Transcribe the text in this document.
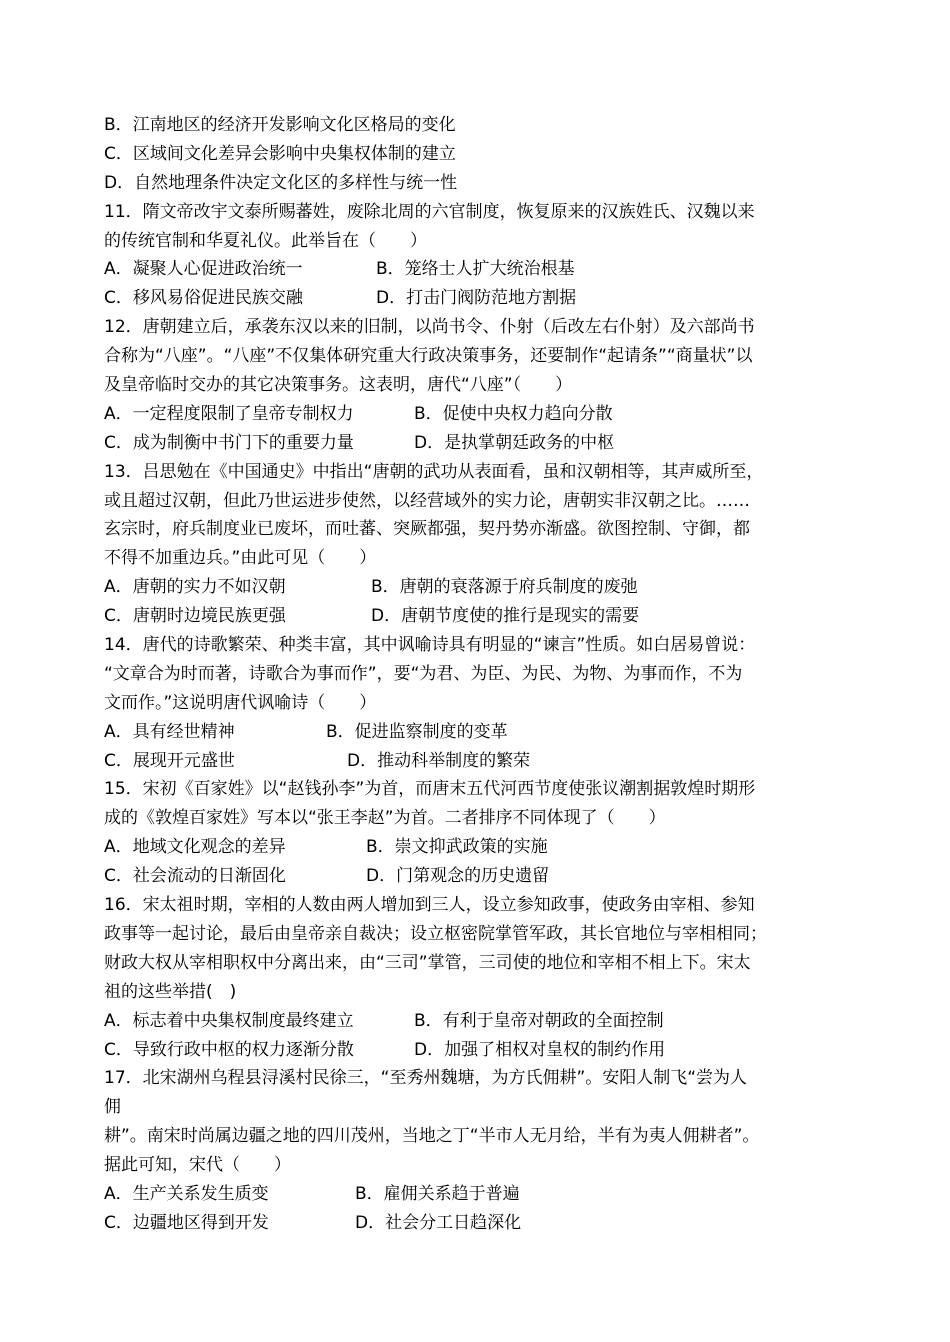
B．江南地区的经济开发影响文化区格局的变化
C．区域间文化差异会影响中央集权体制的建立
D．自然地理条件决定文化区的多样性与统一性
11．隋文帝改宇文泰所赐蕃姓，废除北周的六官制度，恢复原来的汉族姓氏、汉魏以来
的传统官制和华夏礼仪。此举旨在（　　）
A．凝聚人心促进政治统一	B．笼络士人扩大统治根基
C．移风易俗促进民族交融	D．打击门阀防范地方割据
12．唐朝建立后，承袭东汉以来的旧制，以尚书令、仆射（后改左右仆射）及六部尚书
合称为“八座”。“八座”不仅集体研究重大行政决策事务，还要制作“起请条”“商量状”以
及皇帝临时交办的其它决策事务。这表明，唐代“八座”（　　）
A．一定程度限制了皇帝专制权力	B．促使中央权力趋向分散
C．成为制衡中书门下的重要力量	D．是执掌朝廷政务的中枢
13．吕思勉在《中国通史》中指出“唐朝的武功从表面看，虽和汉朝相等，其声威所至，
或且超过汉朝，但此乃世运进步使然，以经营域外的实力论，唐朝实非汉朝之比。……
玄宗时，府兵制度业已废坏，而吐蕃、突厥都强，契丹势亦渐盛。欲图控制、守御，都
不得不加重边兵。”由此可见（　　）
A．唐朝的实力不如汉朝	B．唐朝的衰落源于府兵制度的废弛
C．唐朝时边境民族更强	D．唐朝节度使的推行是现实的需要
14．唐代的诗歌繁荣、种类丰富，其中讽喻诗具有明显的“谏言”性质。如白居易曾说：
“文章合为时而著，诗歌合为事而作”，要“为君、为臣、为民、为物、为事而作，不为
文而作。”这说明唐代讽喻诗（　　）
A．具有经世精神	B．促进监察制度的变革
C．展现开元盛世	D．推动科举制度的繁荣
15．宋初《百家姓》以“赵钱孙李”为首，而唐末五代河西节度使张议潮割据敦煌时期形
成的《敦煌百家姓》写本以“张王李赵”为首。二者排序不同体现了（　　）
A．地域文化观念的差异	B．崇文抑武政策的实施
C．社会流动的日渐固化	D．门第观念的历史遗留
16．宋太祖时期，宰相的人数由两人增加到三人，设立参知政事，使政务由宰相、参知
政事等一起讨论，最后由皇帝亲自裁决；设立枢密院掌管军政，其长官地位与宰相相同；
财政大权从宰相职权中分离出来，由“三司”掌管，三司使的地位和宰相不相上下。宋太
祖的这些举措(　)
A．标志着中央集权制度最终建立	B．有利于皇帝对朝政的全面控制
C．导致行政中枢的权力逐渐分散	D．加强了相权对皇权的制约作用
17．北宋湖州乌程县浔溪村民徐三，“至秀州魏塘，为方氏佣耕”。安阳人制飞“尝为人
佣
耕”。南宋时尚属边疆之地的四川茂州，当地之丁“半市人无月给，半有为夷人佣耕者”。
据此可知，宋代（　　）
A．生产关系发生质变	B．雇佣关系趋于普遍
C．边疆地区得到开发	D．社会分工日趋深化
